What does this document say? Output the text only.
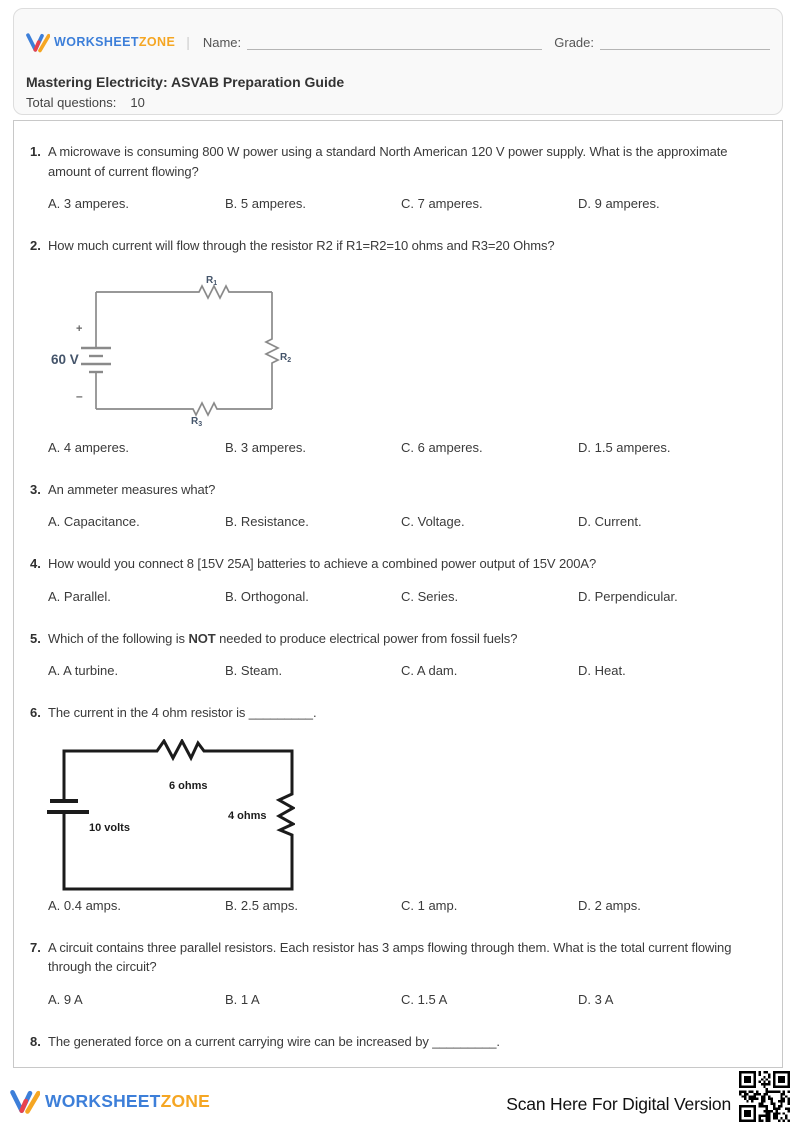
WORKSHEETZONE | Name:	Grade:
Mastering Electricity: ASVAB Preparation Guide
Total questions: 10
1. A microwave is consuming 800 W power using a standard North American 120 V power supply. What is the approximate amount of current flowing?
A. 3 amperes.	B. 5 amperes.	C. 7 amperes.	D. 9 amperes.
2. How much current will flow through the resistor R2 if R1=R2=10 ohms and R3=20 Ohms?
$R_1$
$R_2$
$R_3$
60 V
+
–
A. 4 amperes.	B. 3 amperes.	C. 6 amperes.	D. 1.5 amperes.
3. An ammeter measures what?
A. Capacitance.	B. Resistance.	C. Voltage.	D. Current.
4. How would you connect 8 [15V 25A] batteries to achieve a combined power output of 15V 200A?
A. Parallel.	B. Orthogonal.	C. Series.	D. Perpendicular.
5. Which of the following is NOT needed to produce electrical power from fossil fuels?
A. A turbine.	B. Steam.	C. A dam.	D. Heat.
6. The current in the 4 ohm resistor is _________.
6 ohms
4 ohms
10 volts
A. 0.4 amps.	B. 2.5 amps.	C. 1 amp.	D. 2 amps.
7. A circuit contains three parallel resistors. Each resistor has 3 amps flowing through them. What is the total current flowing through the circuit?
A. 9 A	B. 1 A	C. 1.5 A	D. 3 A
8. The generated force on a current carrying wire can be increased by _________.
WORKSHEETZONE	Scan Here For Digital Version
